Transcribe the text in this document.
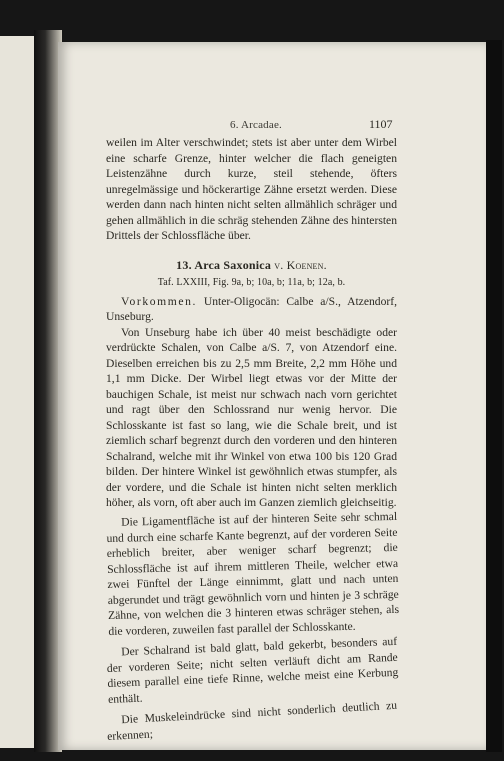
6. Arcadae.	1107

weilen im Alter verschwindet; stets ist aber unter dem Wirbel eine scharfe Grenze, hinter welcher die flach geneigten Leistenzähne durch kurze, steil stehende, öfters unregelmässige und höckerartige Zähne ersetzt werden. Diese werden dann nach hinten nicht selten allmählich schräger und gehen allmählich in die schräg stehenden Zähne des hintersten Drittels der Schlossfläche über.

13. Arca Saxonica v. Koenen.
Taf. LXXIII, Fig. 9a, b; 10a, b; 11a, b; 12a, b.

Vorkommen. Unter-Oligocän: Calbe a/S., Atzendorf, Unseburg.

Von Unseburg habe ich über 40 meist beschädigte oder verdrückte Schalen, von Calbe a/S. 7, von Atzendorf eine. Dieselben erreichen bis zu 2,5 mm Breite, 2,2 mm Höhe und 1,1 mm Dicke. Der Wirbel liegt etwas vor der Mitte der bauchigen Schale, ist meist nur schwach nach vorn gerichtet und ragt über den Schlossrand nur wenig hervor. Die Schlosskante ist fast so lang, wie die Schale breit, und ist ziemlich scharf begrenzt durch den vorderen und den hinteren Schalrand, welche mit ihr Winkel von etwa 100 bis 120 Grad bilden. Der hintere Winkel ist gewöhnlich etwas stumpfer, als der vordere, und die Schale ist hinten nicht selten merklich höher, als vorn, oft aber auch im Ganzen ziemlich gleichseitig.

Die Ligamentfläche ist auf der hinteren Seite sehr schmal und durch eine scharfe Kante begrenzt, auf der vorderen Seite erheblich breiter, aber weniger scharf begrenzt; die Schlossfläche ist auf ihrem mittleren Theile, welcher etwa zwei Fünftel der Länge einnimmt, glatt und nach unten abgerundet und trägt gewöhnlich vorn und hinten je 3 schräge Zähne, von welchen die 3 hinteren etwas schräger stehen, als die vorderen, zuweilen fast parallel der Schlosskante.

Der Schalrand ist bald glatt, bald gekerbt, besonders auf der vorderen Seite; nicht selten verläuft dicht am Rande diesem parallel eine tiefe Rinne, welche meist eine Kerbung enthält.

Die Muskeleindrücke sind nicht sonderlich deutlich zu erkennen;
